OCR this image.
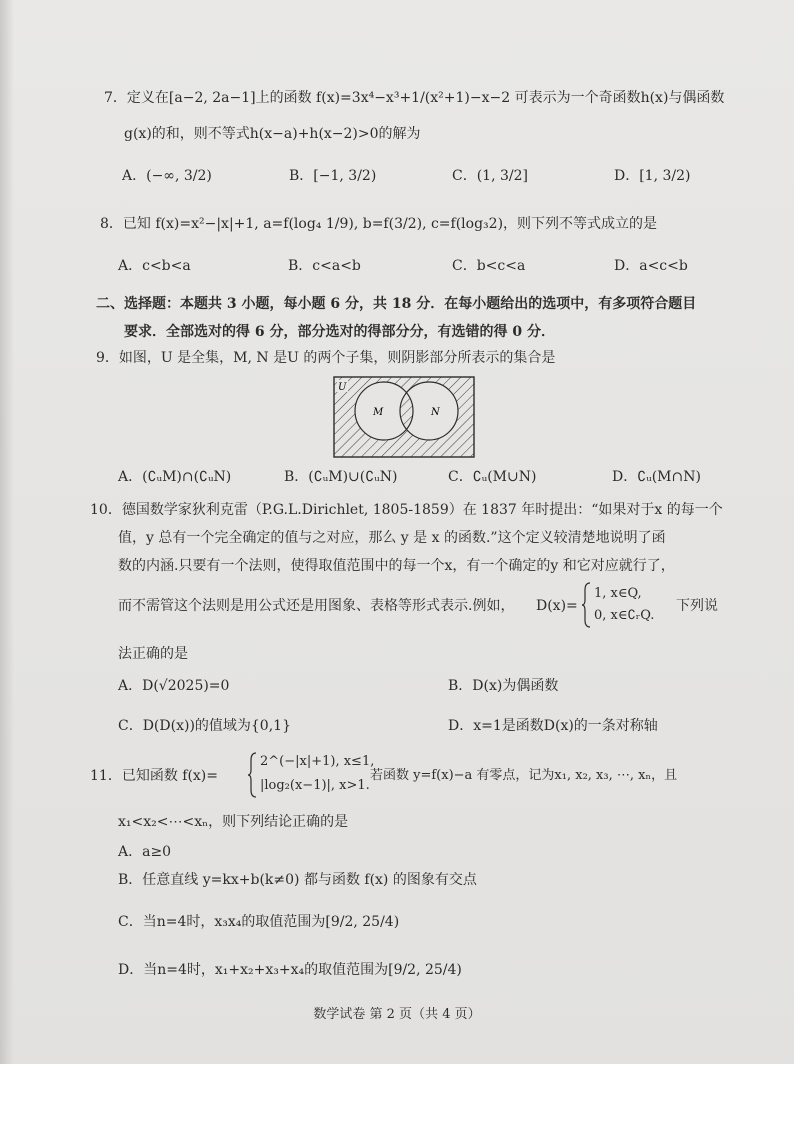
7．定义在[a−2, 2a−1]上的函数 f(x)=3x⁴−x³+1/(x²+1)−x−2 可表示为一个奇函数h(x)与偶函数
g(x)的和，则不等式h(x−a)+h(x−2)>0的解为
A．(−∞, 3/2)	B．[−1, 3/2)	C．(1, 3/2]	D．[1, 3/2)
8．已知 f(x)=x²−|x|+1, a=f(log₄ 1/9), b=f(3/2), c=f(log₃2)，则下列不等式成立的是
A．c<b<a	B．c<a<b	C．b<c<a	D．a<c<b
二、选择题：本题共 3 小题，每小题 6 分，共 18 分．在每小题给出的选项中，有多项符合题目
要求．全部选对的得 6 分，部分选对的得部分分，有选错的得 0 分．
9．如图，U 是全集，M, N 是U 的两个子集，则阴影部分所表示的集合是
U
M	N
A．(∁ᵤM)∩(∁ᵤN)	B．(∁ᵤM)∪(∁ᵤN)	C．∁ᵤ(M∪N)	D．∁ᵤ(M∩N)
10．德国数学家狄利克雷（P.G.L.Dirichlet, 1805-1859）在 1837 年时提出：“如果对于x 的每一个
值，y 总有一个完全确定的值与之对应，那么 y 是 x 的函数.”这个定义较清楚地说明了函
数的内涵.只要有一个法则，使得取值范围中的每一个x，有一个确定的y 和它对应就行了，
而不需管这个法则是用公式还是用图象、表格等形式表示.例如， D(x)=
1, x∈Q,
0, x∈∁ᵣQ.
下列说
法正确的是
A．D(√2025)=0	B．D(x)为偶函数
C．D(D(x))的值域为{0,1}	D．x=1是函数D(x)的一条对称轴
11．已知函数 f(x)=
2^(−|x|+1), x≤1,
|log₂(x−1)|, x>1.
若函数 y=f(x)−a 有零点，记为x₁, x₂, x₃, ⋯, xₙ，且
x₁<x₂<⋯<xₙ，则下列结论正确的是
A．a≥0
B．任意直线 y=kx+b(k≠0) 都与函数 f(x) 的图象有交点
C．当n=4时，x₃x₄的取值范围为[9/2, 25/4)
D．当n=4时，x₁+x₂+x₃+x₄的取值范围为[9/2, 25/4)
数学试卷 第 2 页（共 4 页）
